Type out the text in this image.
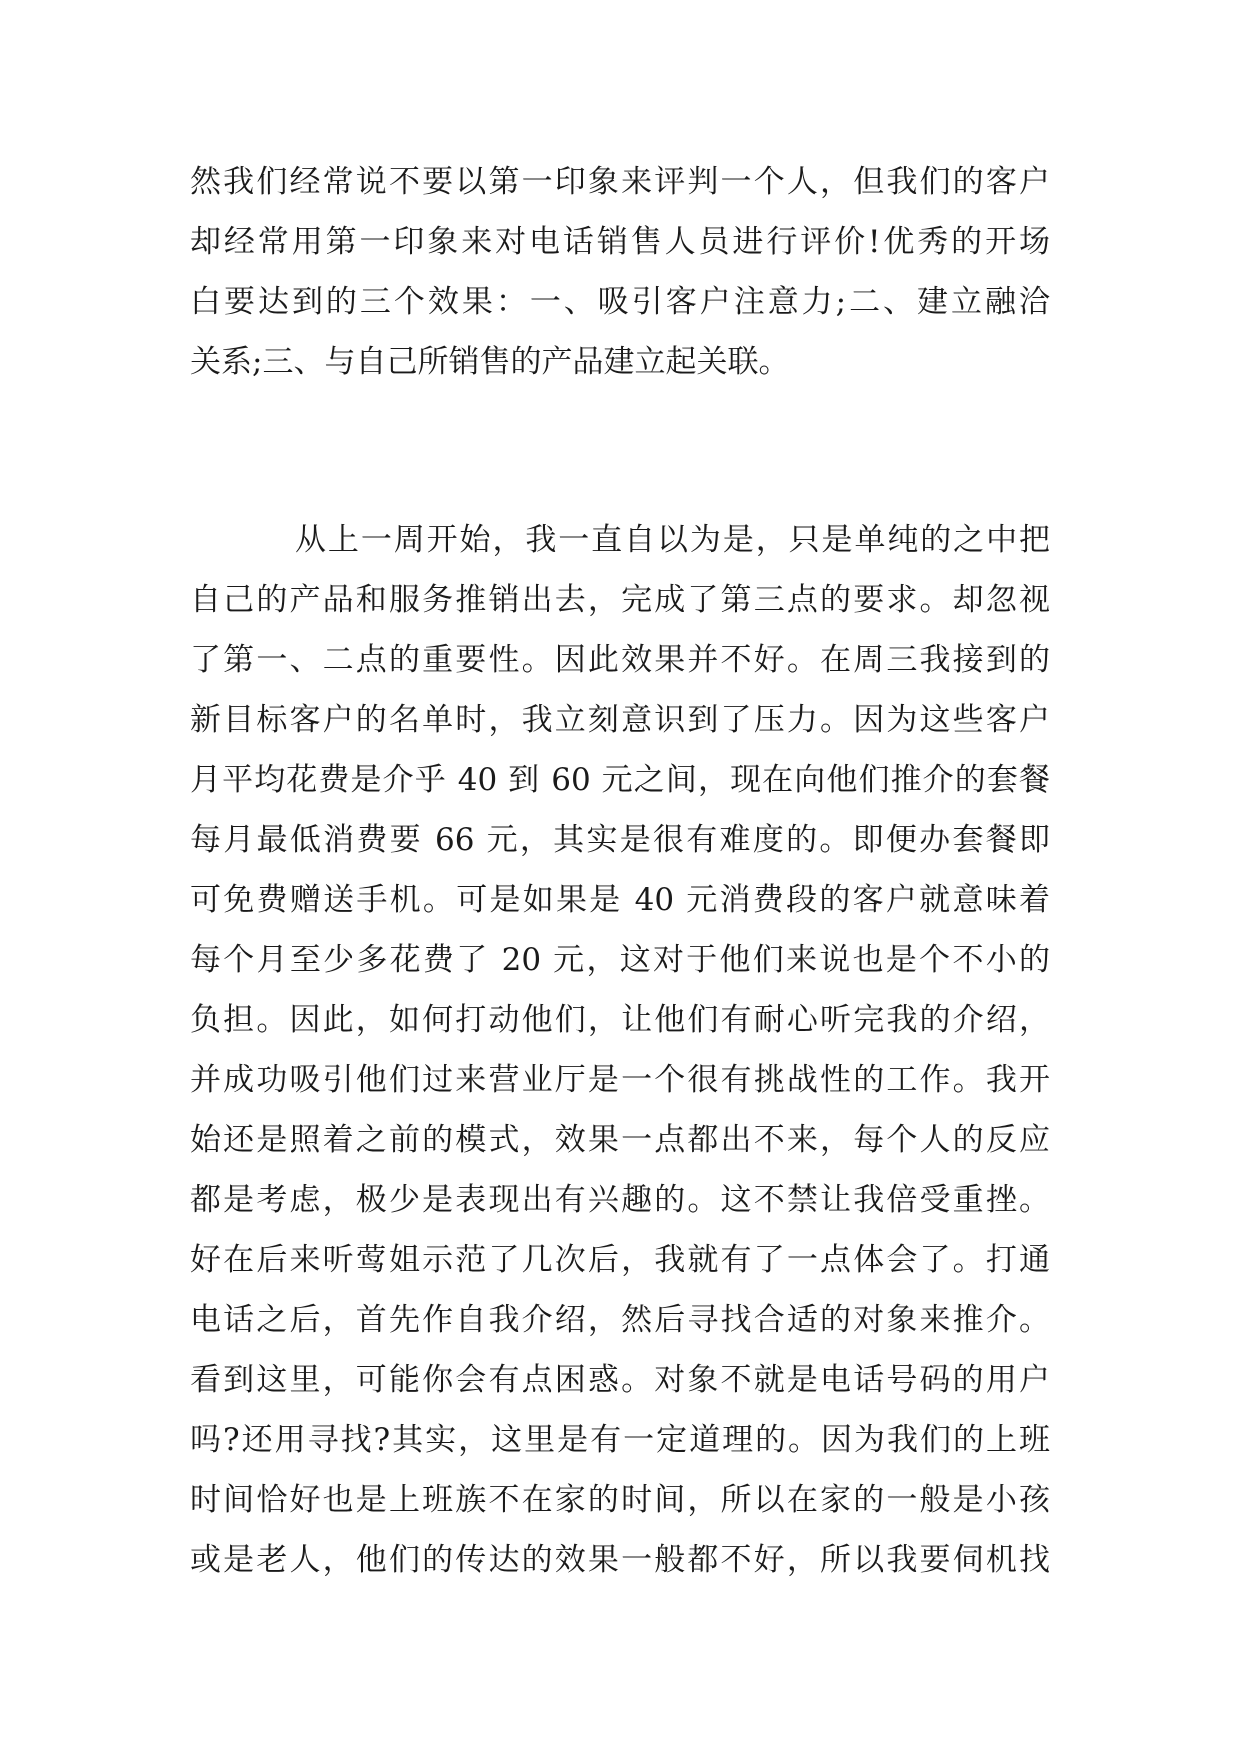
然我们经常说不要以第一印象来评判一个人，但我们的客户
却经常用第一印象来对电话销售人员进行评价!优秀的开场
白要达到的三个效果：一、吸引客户注意力;二、建立融洽
关系;三、与自己所销售的产品建立起关联。
从上一周开始，我一直自以为是，只是单纯的之中把
自己的产品和服务推销出去，完成了第三点的要求。却忽视
了第一、二点的重要性。因此效果并不好。在周三我接到的
新目标客户的名单时，我立刻意识到了压力。因为这些客户
月平均花费是介乎 40 到 60 元之间，现在向他们推介的套餐
每月最低消费要 66 元，其实是很有难度的。即便办套餐即
可免费赠送手机。可是如果是 40 元消费段的客户就意味着
每个月至少多花费了 20 元，这对于他们来说也是个不小的
负担。因此，如何打动他们，让他们有耐心听完我的介绍，
并成功吸引他们过来营业厅是一个很有挑战性的工作。我开
始还是照着之前的模式，效果一点都出不来，每个人的反应
都是考虑，极少是表现出有兴趣的。这不禁让我倍受重挫。
好在后来听莺姐示范了几次后，我就有了一点体会了。打通
电话之后，首先作自我介绍，然后寻找合适的对象来推介。
看到这里，可能你会有点困惑。对象不就是电话号码的用户
吗?还用寻找?其实，这里是有一定道理的。因为我们的上班
时间恰好也是上班族不在家的时间，所以在家的一般是小孩
或是老人，他们的传达的效果一般都不好，所以我要伺机找
